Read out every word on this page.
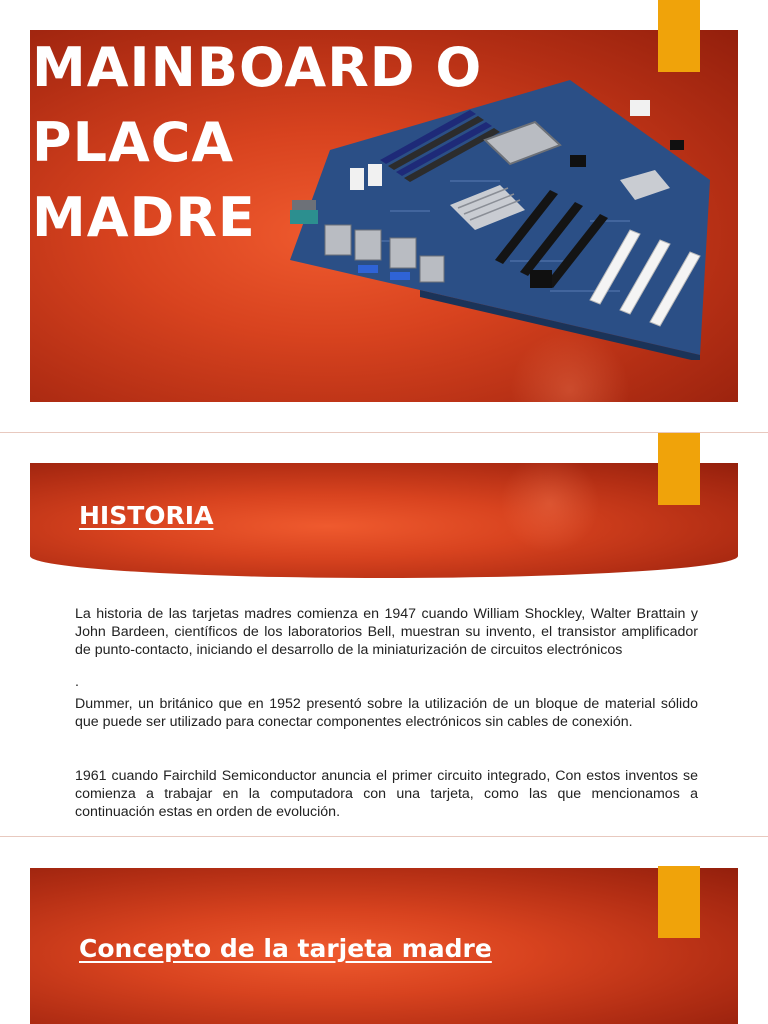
MAINBOARD O
PLACA
MADRE
HISTORIA

La historia de las tarjetas madres comienza en 1947 cuando William Shockley, Walter Brattain y John Bardeen, científicos de los laboratorios Bell, muestran su invento, el transistor amplificador de punto-contacto, iniciando el desarrollo de la miniaturización de circuitos electrónicos

.

Dummer, un británico que en 1952 presentó sobre la utilización de un bloque de material sólido que puede ser utilizado para conectar componentes electrónicos sin cables de conexión.

1961 cuando Fairchild Semiconductor anuncia el primer circuito integrado, Con estos inventos se comienza a trabajar en la computadora con una tarjeta, como las que mencionamos a continuación estas en orden de evolución.

Concepto de la tarjeta madre
